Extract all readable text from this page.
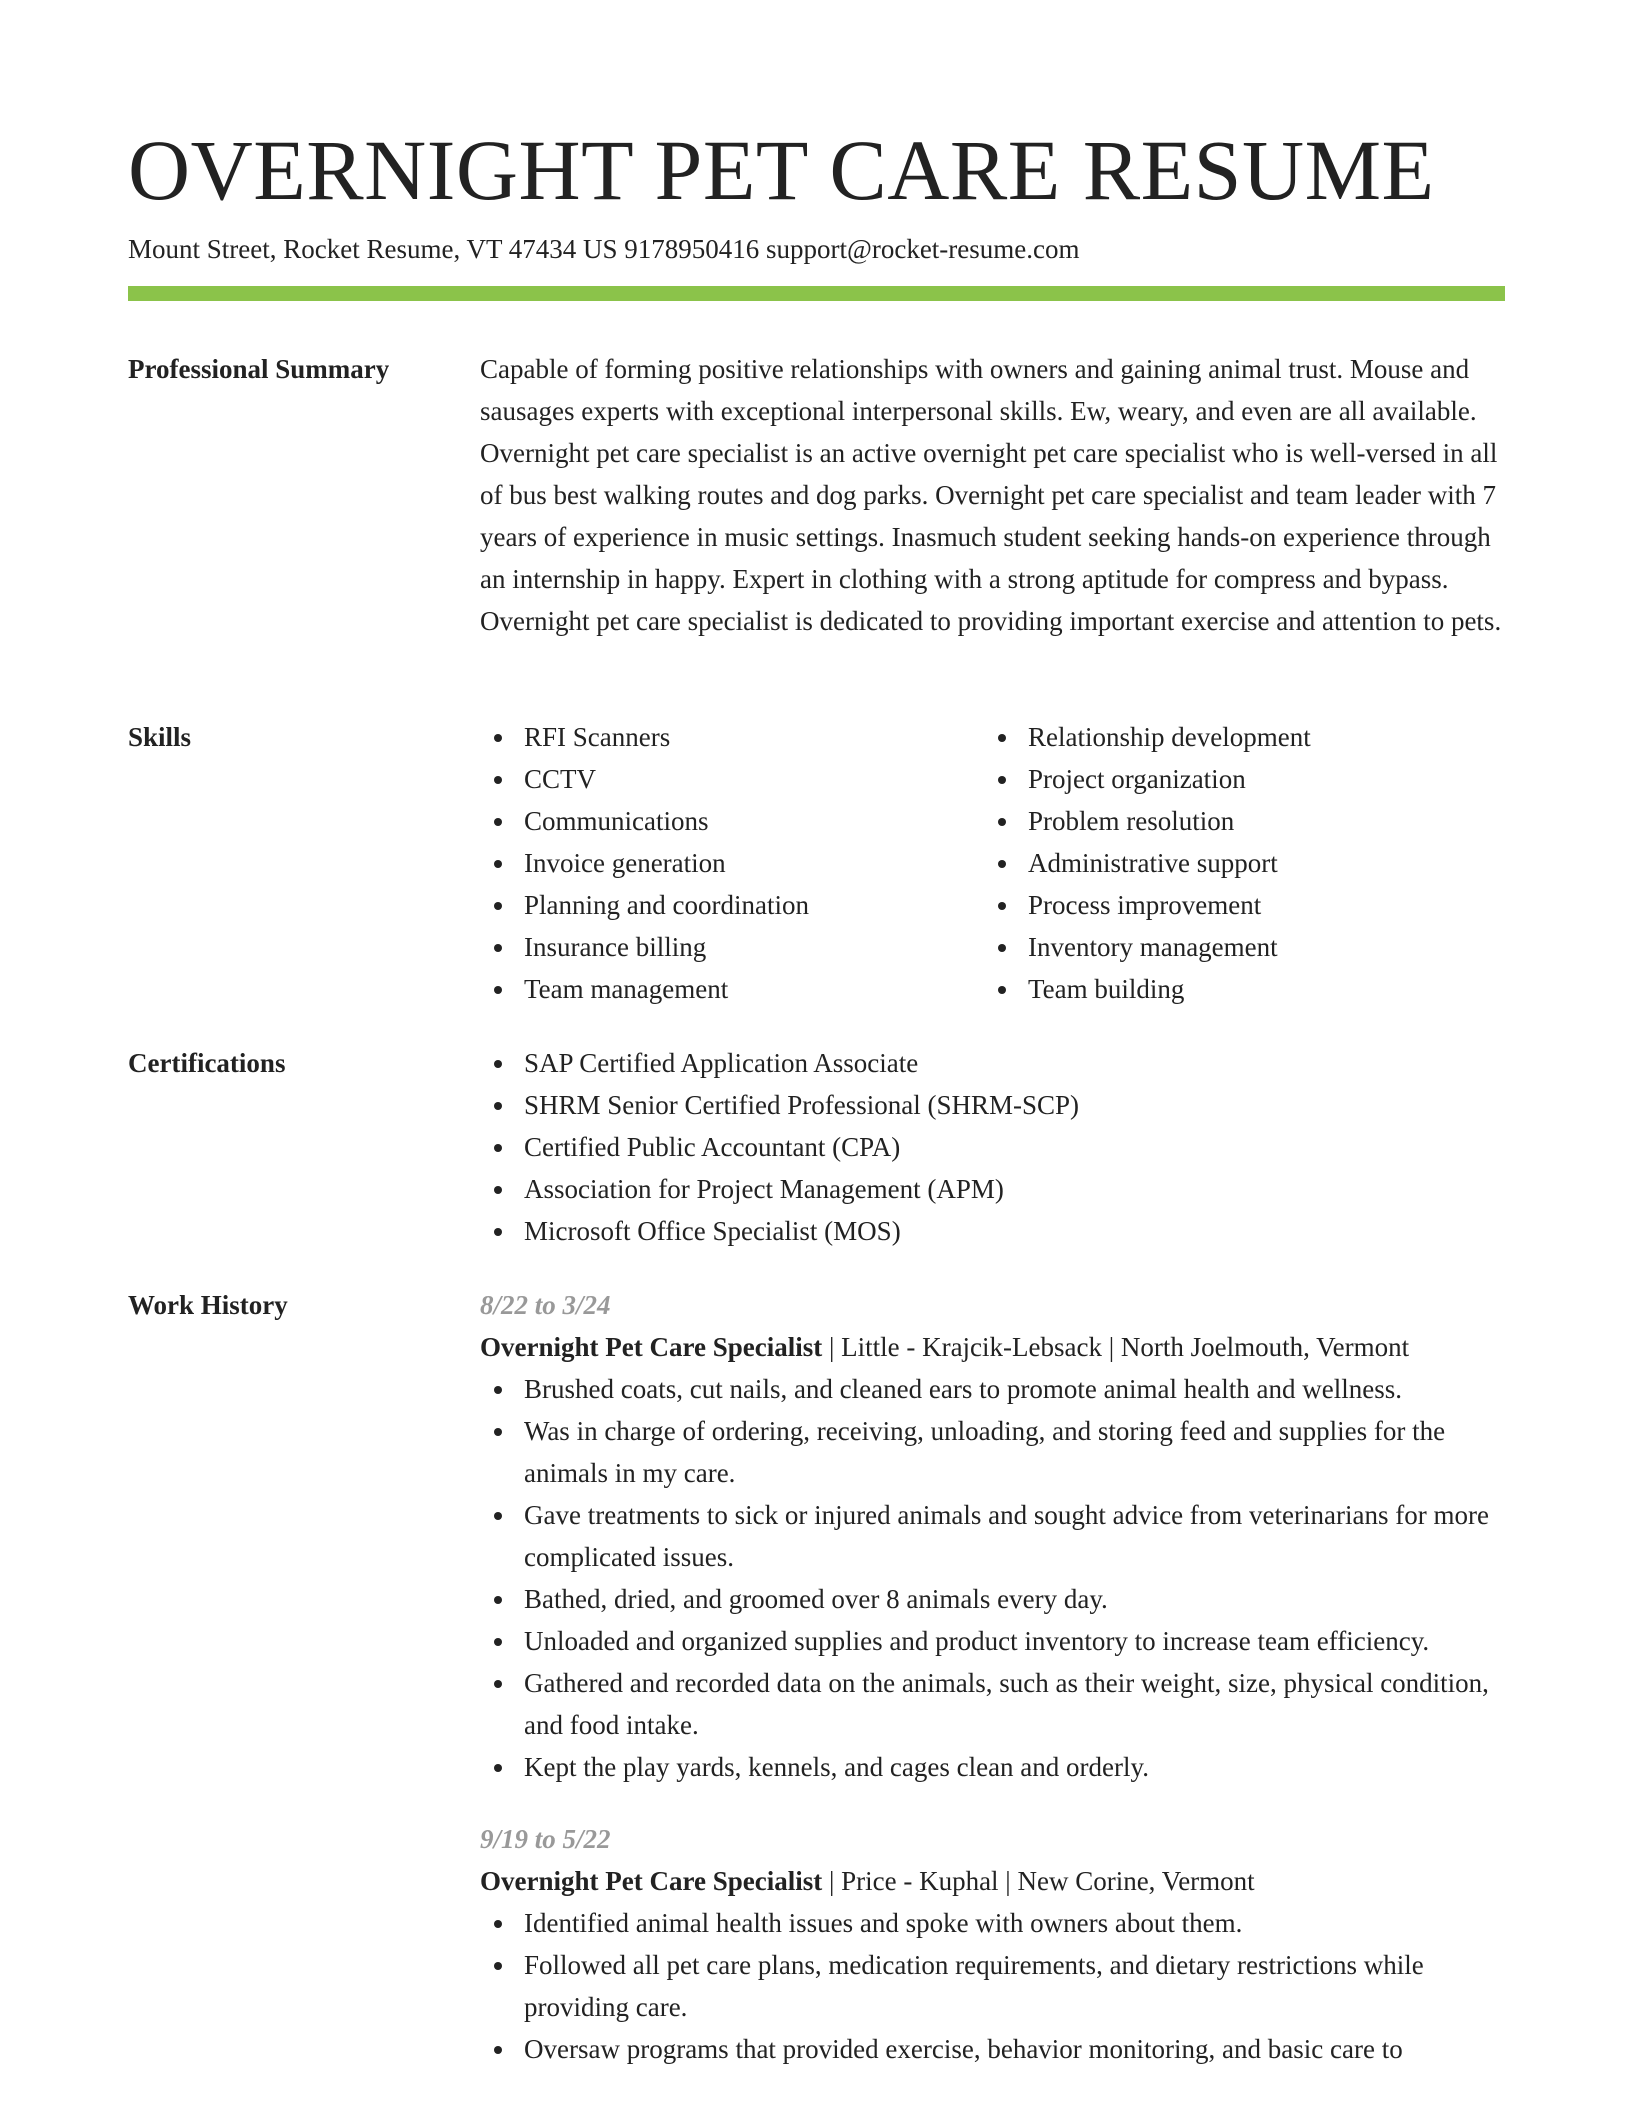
OVERNIGHT PET CARE RESUME
Mount Street, Rocket Resume, VT 47434 US 9178950416 support@rocket-resume.com
Professional Summary	Capable of forming positive relationships with owners and gaining animal trust. Mouse and sausages experts with exceptional interpersonal skills. Ew, weary, and even are all available. Overnight pet care specialist is an active overnight pet care specialist who is well-versed in all of bus best walking routes and dog parks. Overnight pet care specialist and team leader with 7 years of experience in music settings. Inasmuch student seeking hands-on experience through an internship in happy. Expert in clothing with a strong aptitude for compress and bypass. Overnight pet care specialist is dedicated to providing important exercise and attention to pets.

Skills	RFI Scanners
CCTV
Communications
Invoice generation
Planning and coordination
Insurance billing
Team management
Relationship development
Project organization
Problem resolution
Administrative support
Process improvement
Inventory management
Team building
Certifications	SAP Certified Application Associate
SHRM Senior Certified Professional (SHRM-SCP)
Certified Public Accountant (CPA)
Association for Project Management (APM)
Microsoft Office Specialist (MOS)
Work History	8/22 to 3/24
Overnight Pet Care Specialist | Little - Krajcik-Lebsack | North Joelmouth, Vermont
Brushed coats, cut nails, and cleaned ears to promote animal health and wellness.
Was in charge of ordering, receiving, unloading, and storing feed and supplies for the animals in my care.
Gave treatments to sick or injured animals and sought advice from veterinarians for more complicated issues.
Bathed, dried, and groomed over 8 animals every day.
Unloaded and organized supplies and product inventory to increase team efficiency.
Gathered and recorded data on the animals, such as their weight, size, physical condition, and food intake.
Kept the play yards, kennels, and cages clean and orderly.
9/19 to 5/22
Overnight Pet Care Specialist | Price - Kuphal | New Corine, Vermont
Identified animal health issues and spoke with owners about them.
Followed all pet care plans, medication requirements, and dietary restrictions while providing care.
Oversaw programs that provided exercise, behavior monitoring, and basic care to
